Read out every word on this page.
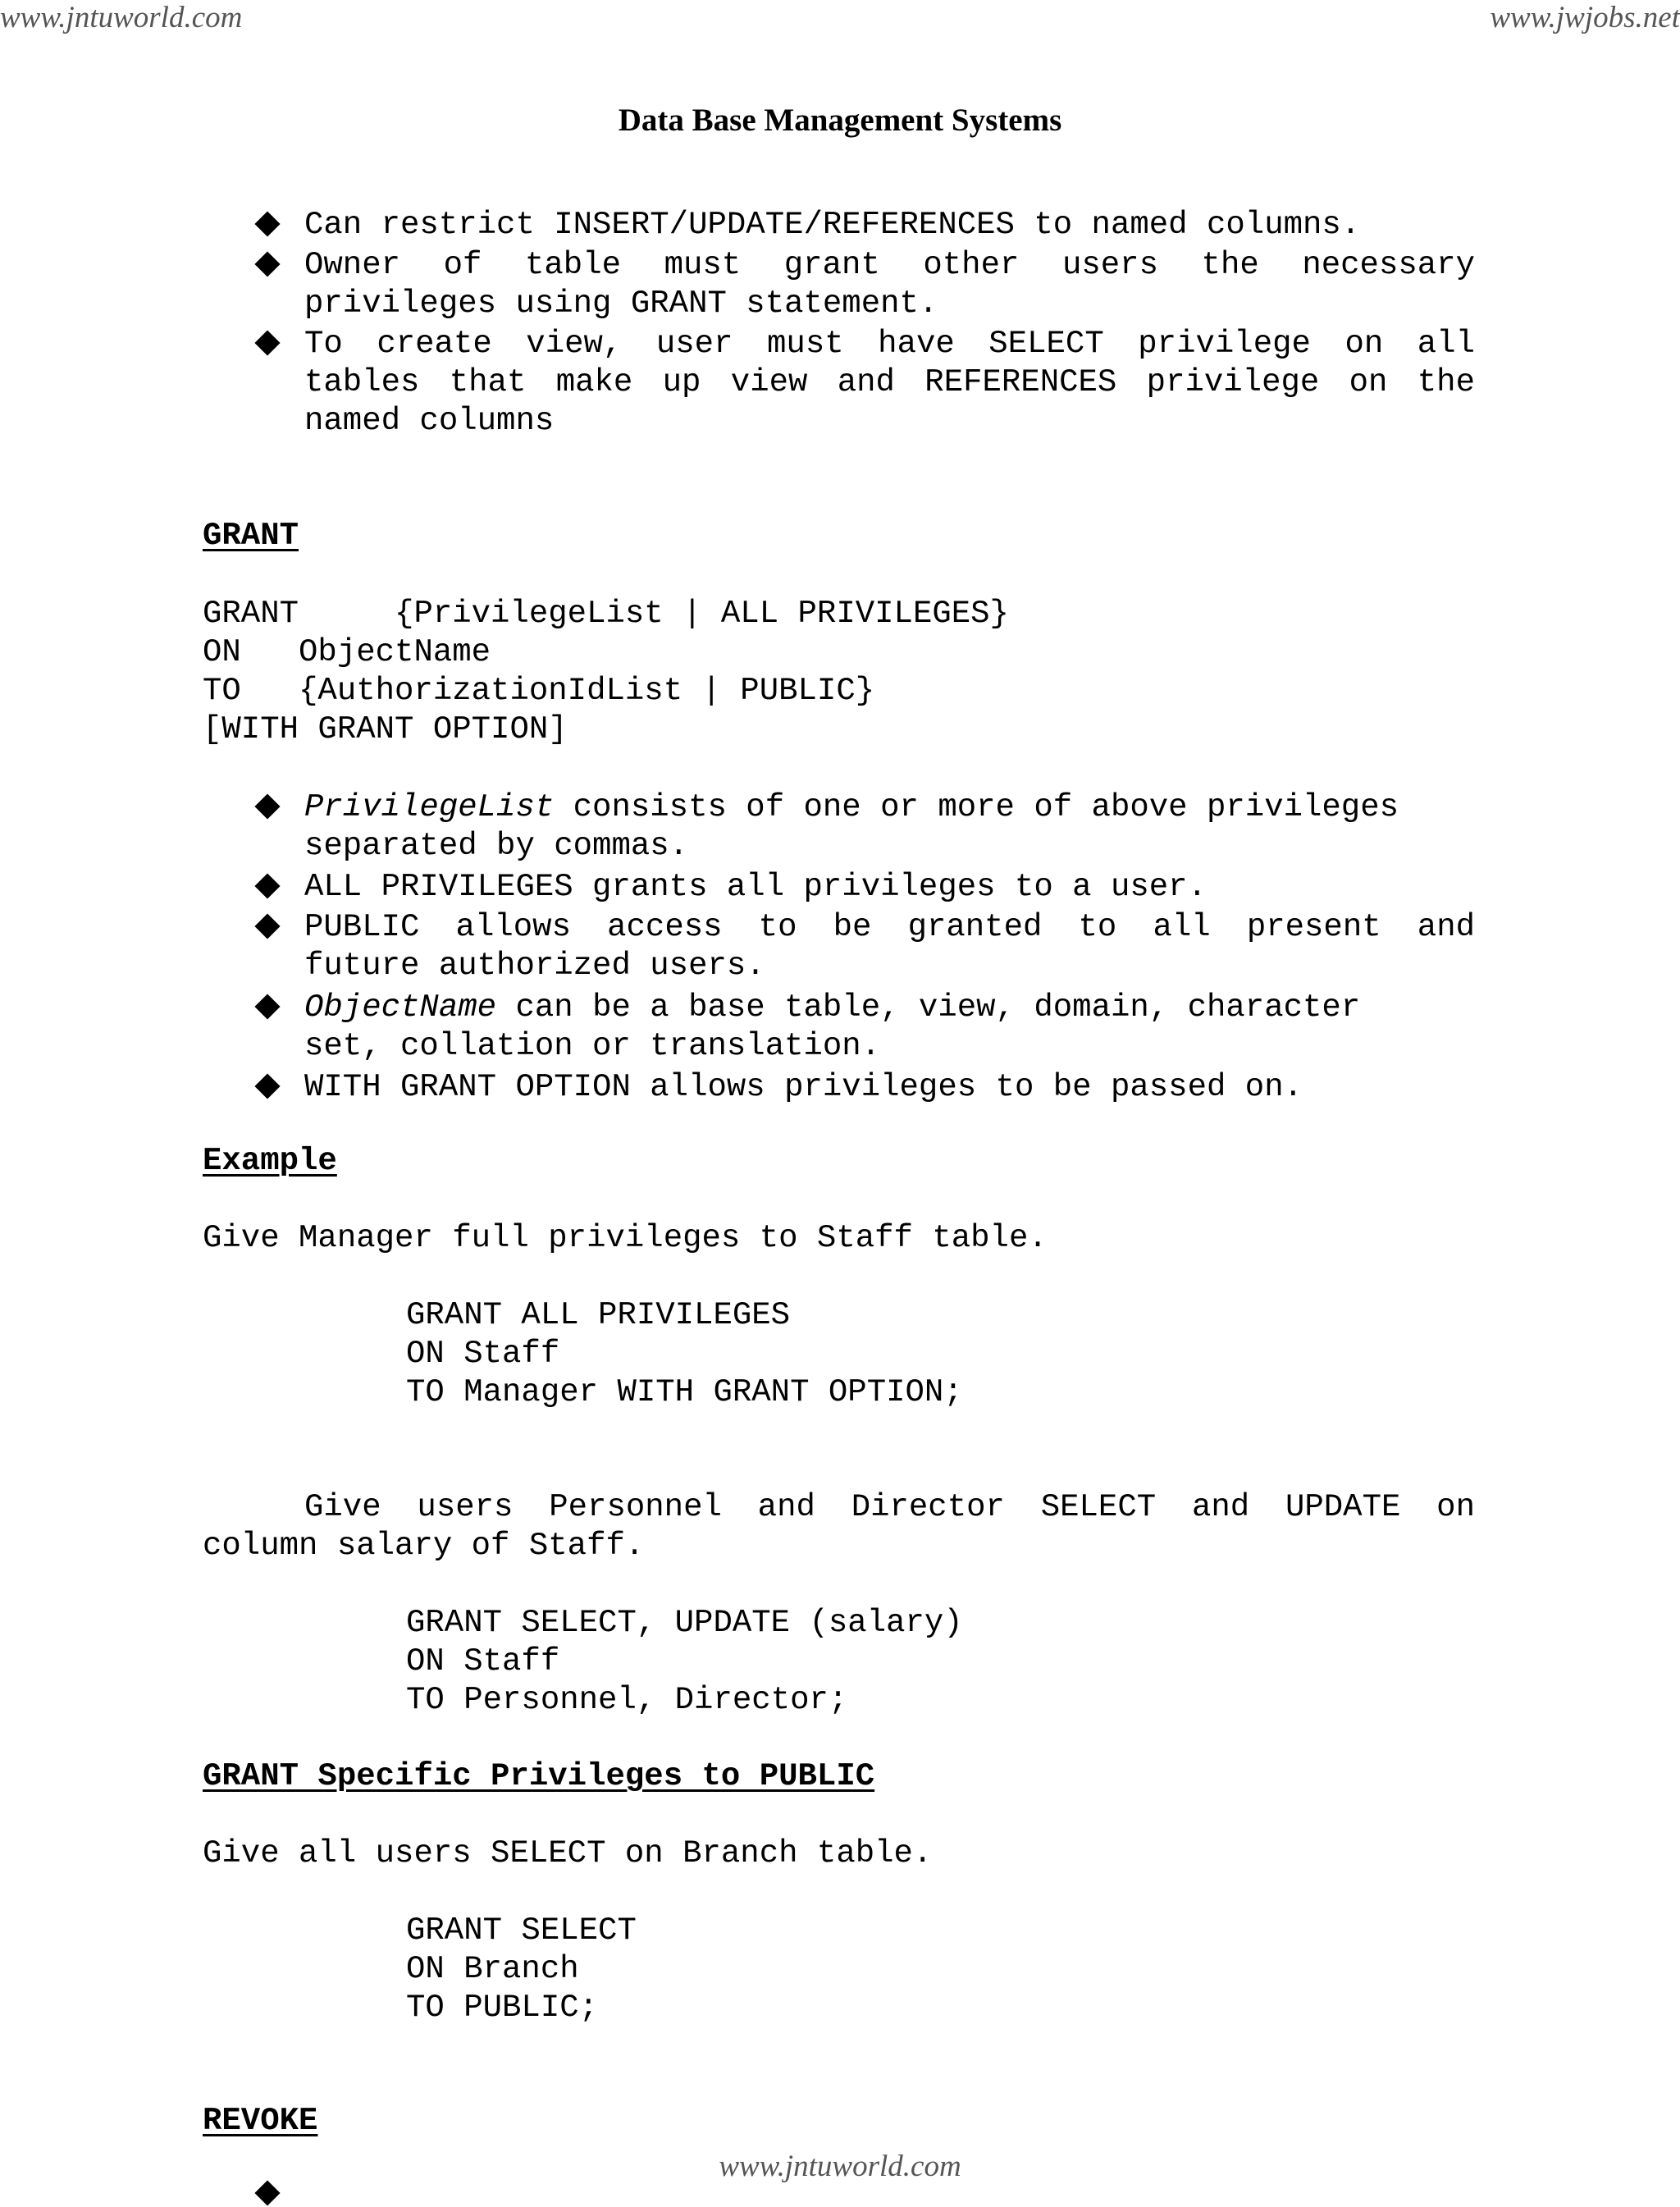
www.jntuworld.com	www.jwjobs.net
Data Base Management Systems
Can restrict INSERT/UPDATE/REFERENCES to named columns.
Owner of table must grant other users the necessary
privileges using GRANT statement.
To create view, user must have SELECT privilege on all
tables that make up view and REFERENCES privilege on the
named columns
GRANT
GRANT     {PrivilegeList | ALL PRIVILEGES}
ON   ObjectName
TO   {AuthorizationIdList | PUBLIC}
[WITH GRANT OPTION]
PrivilegeList consists of one or more of above privileges
separated by commas.
ALL PRIVILEGES grants all privileges to a user.
PUBLIC allows access to be granted to all present and
future authorized users.
ObjectName can be a base table, view, domain, character
set, collation or translation.
WITH GRANT OPTION allows privileges to be passed on.
Example
Give Manager full privileges to Staff table.
GRANT ALL PRIVILEGES
ON Staff
TO Manager WITH GRANT OPTION;
Give users Personnel and Director SELECT and UPDATE on
column salary of Staff.
GRANT SELECT, UPDATE (salary)
ON Staff
TO Personnel, Director;
GRANT Specific Privileges to PUBLIC
Give all users SELECT on Branch table.
GRANT SELECT
ON Branch
TO PUBLIC;
REVOKE
www.jntuworld.com
